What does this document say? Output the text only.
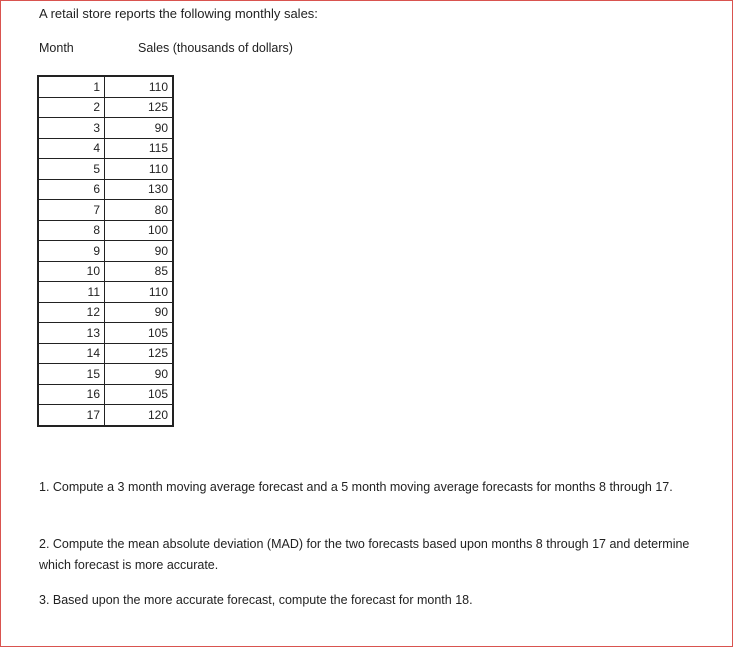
A retail store reports the following monthly sales:
Month	Sales (thousands of dollars)
1	110
2	125
3	90
4	115
5	110
6	130
7	80
8	100
9	90
10	85
11	110
12	90
13	105
14	125
15	90
16	105
17	120
1. Compute a 3 month moving average forecast and a 5 month moving average forecasts for months 8 through 17.
2. Compute the mean absolute deviation (MAD) for the two forecasts based upon months 8 through 17 and determine which forecast is more accurate.
3. Based upon the more accurate forecast, compute the forecast for month 18.
